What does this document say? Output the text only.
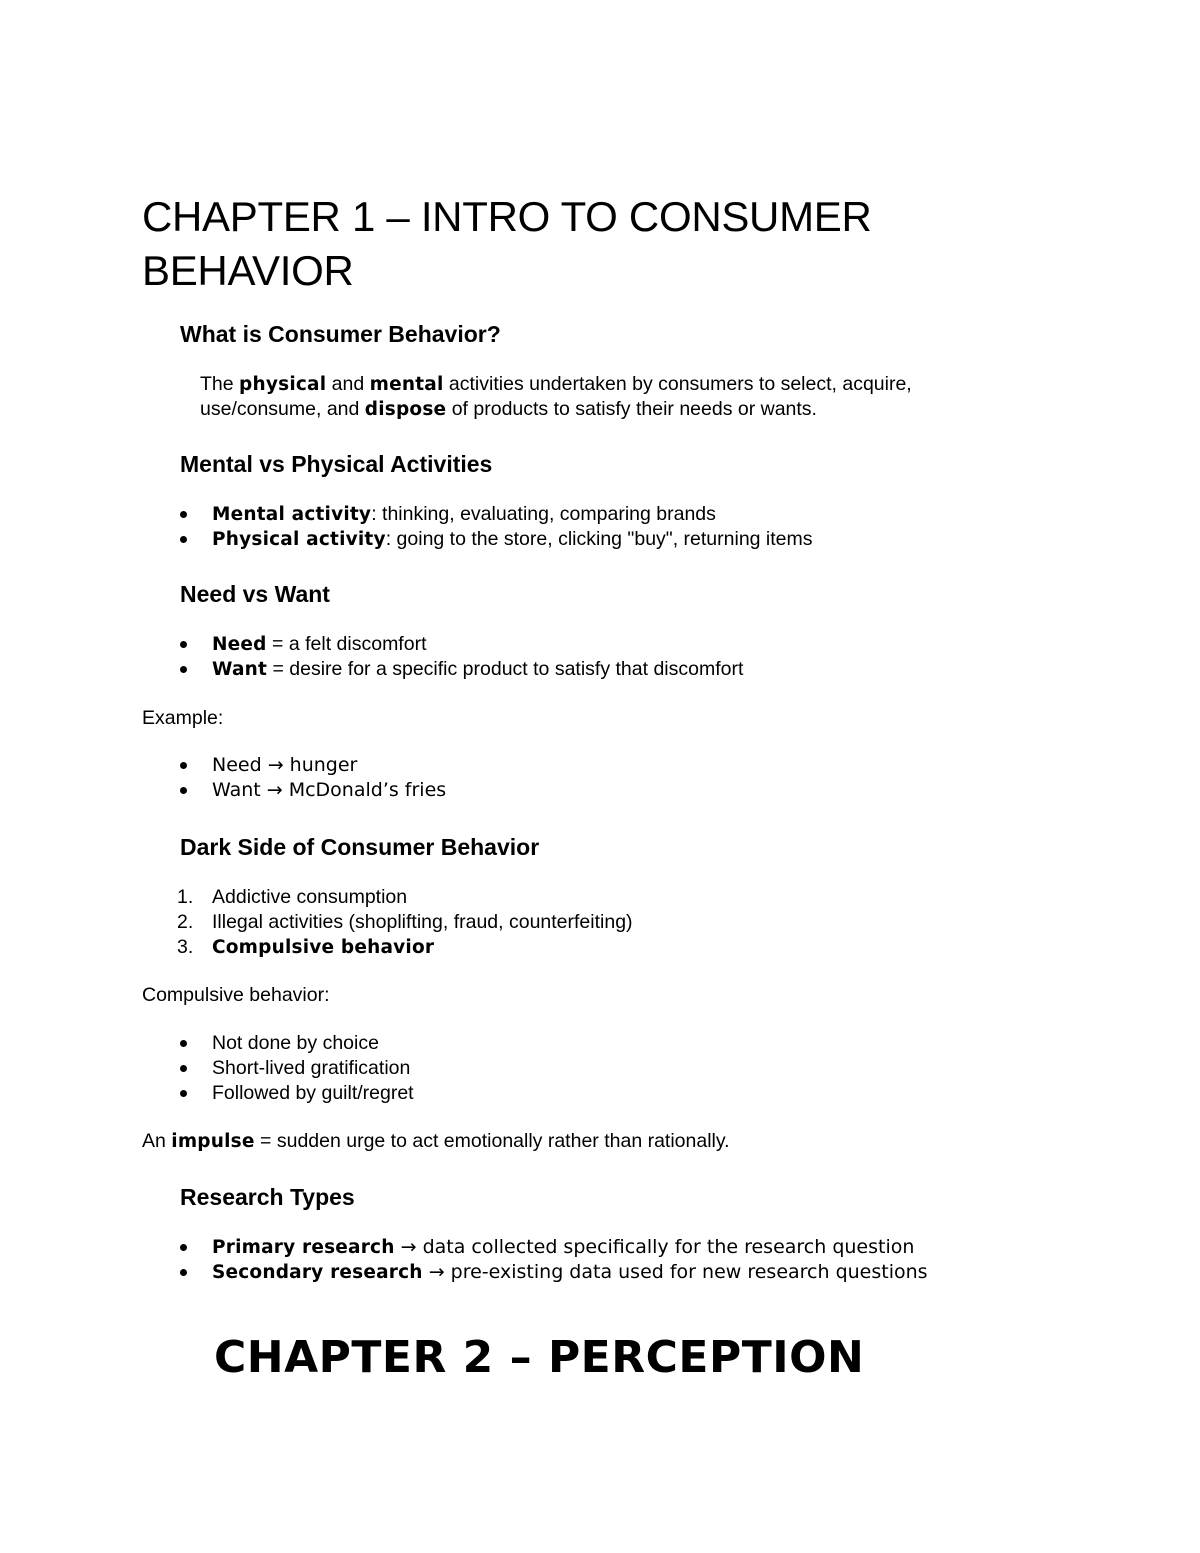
CHAPTER 1 – INTRO TO CONSUMER BEHAVIOR
What is Consumer Behavior?

The physical and mental activities undertaken by consumers to select, acquire,
use/consume, and dispose of products to satisfy their needs or wants.

Mental vs Physical Activities
Mental activity: thinking, evaluating, comparing brands
Physical activity: going to the store, clicking "buy", returning items
Need vs Want
Need = a felt discomfort
Want = desire for a specific product to satisfy that discomfort

Example:

Need → hunger
Want → McDonald’s fries
Dark Side of Consumer Behavior
1. Addictive consumption
2. Illegal activities (shoplifting, fraud, counterfeiting)
3. Compulsive behavior

Compulsive behavior:

Not done by choice
Short-lived gratification
Followed by guilt/regret

An impulse = sudden urge to act emotionally rather than rationally.

Research Types
Primary research → data collected specifically for the research question
Secondary research → pre-existing data used for new research questions
CHAPTER 2 – PERCEPTION
